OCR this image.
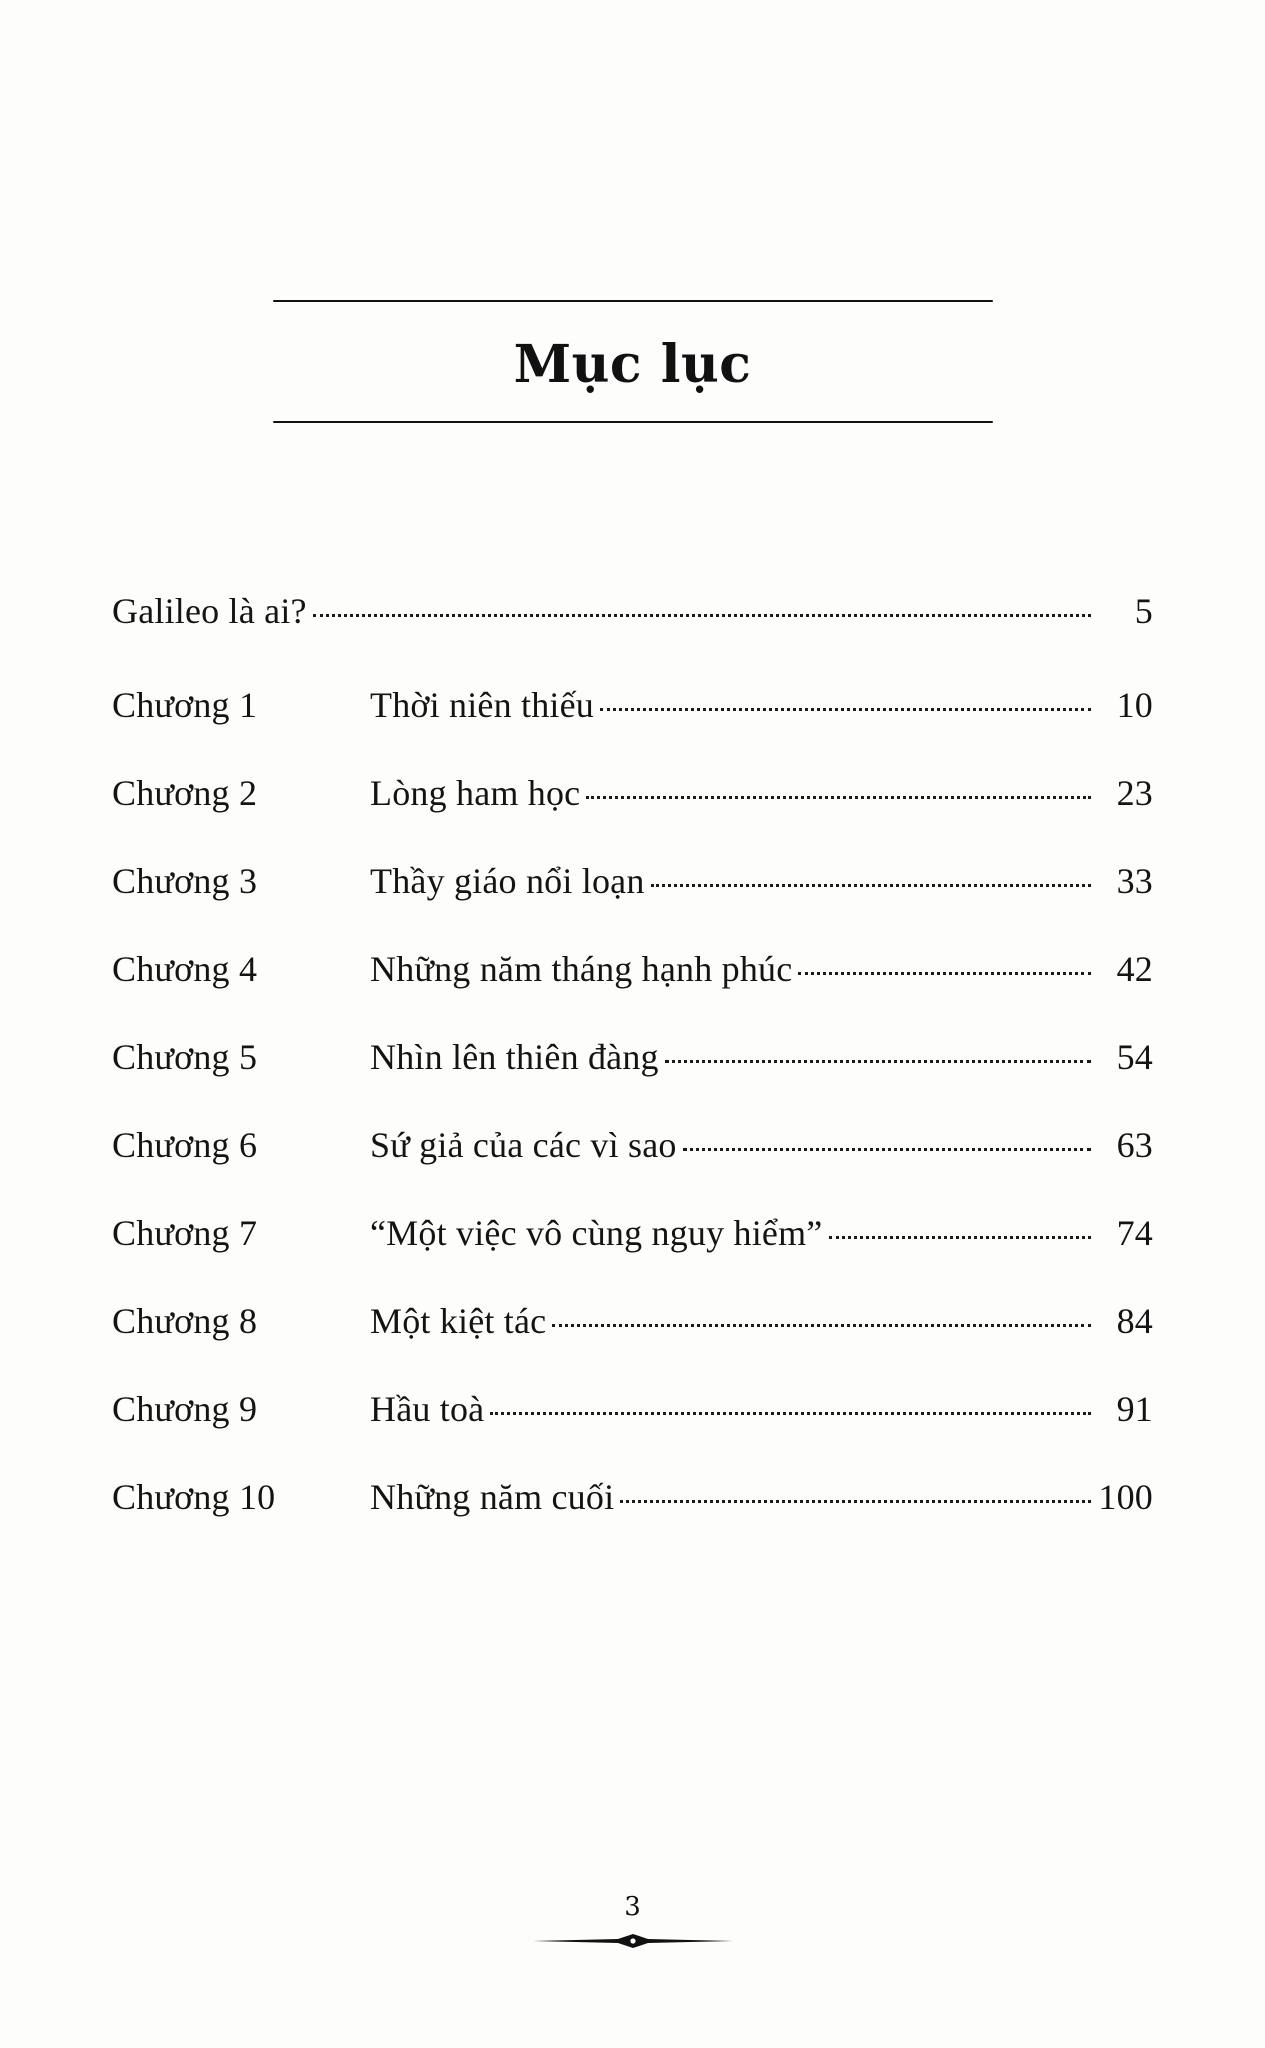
Mục lục
Galileo là ai?	5
Chương 1	Thời niên thiếu	10
Chương 2	Lòng ham học	23
Chương 3	Thầy giáo nổi loạn	33
Chương 4	Những năm tháng hạnh phúc	42
Chương 5	Nhìn lên thiên đàng	54
Chương 6	Sứ giả của các vì sao	63
Chương 7	“Một việc vô cùng nguy hiểm”	74
Chương 8	Một kiệt tác	84
Chương 9	Hầu toà	91
Chương 10	Những năm cuối	100
3
